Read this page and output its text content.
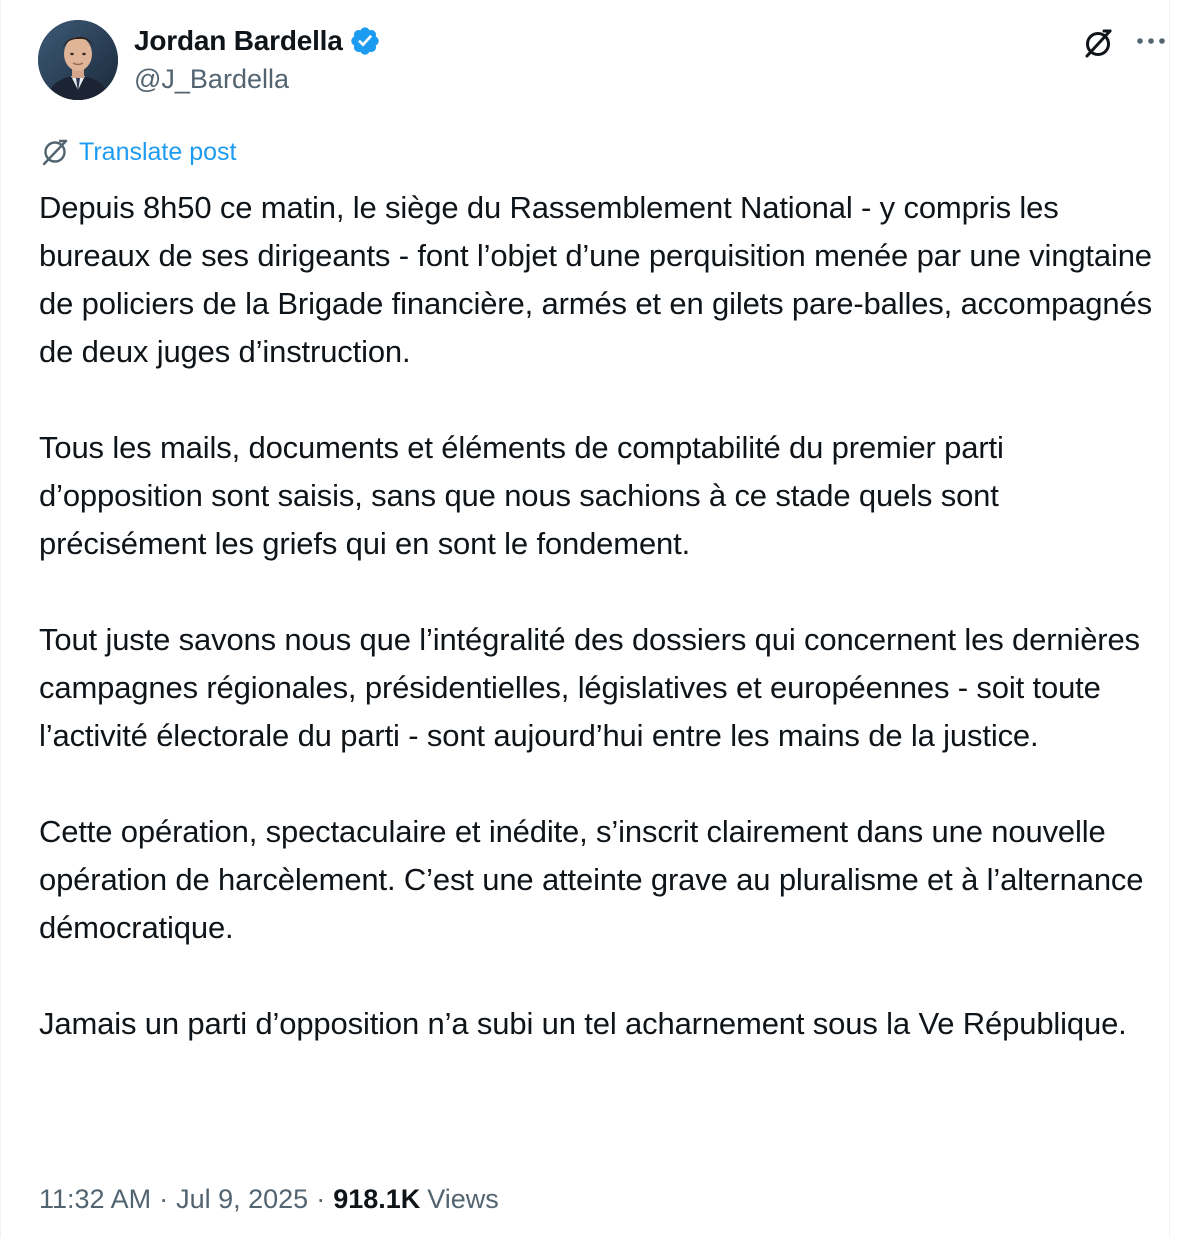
Jordan Bardella
@J_Bardella
Translate post

Depuis 8h50 ce matin, le siège du Rassemblement National - y compris les bureaux de ses dirigeants - font l’objet d’une perquisition menée par une vingtaine de policiers de la Brigade financière, armés et en gilets pare-balles, accompagnés de deux juges d’instruction.

Tous les mails, documents et éléments de comptabilité du premier parti d’opposition sont saisis, sans que nous sachions à ce stade quels sont précisément les griefs qui en sont le fondement.

Tout juste savons nous que l’intégralité des dossiers qui concernent les dernières campagnes régionales, présidentielles, législatives et européennes - soit toute l’activité électorale du parti - sont aujourd’hui entre les mains de la justice.

Cette opération, spectaculaire et inédite, s’inscrit clairement dans une nouvelle opération de harcèlement. C’est une atteinte grave au pluralisme et à l’alternance démocratique.

Jamais un parti d’opposition n’a subi un tel acharnement sous la Ve République.

11:32 AM · Jul 9, 2025 · 918.1K Views
